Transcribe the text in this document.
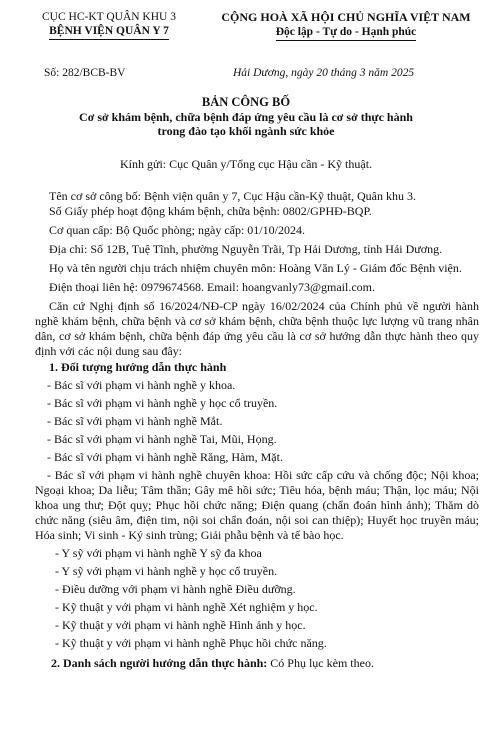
CỤC HC-KT QUÂN KHU 3
BỆNH VIỆN QUÂN Y 7
CỘNG HOÀ XÃ HỘI CHỦ NGHĨA VIỆT NAM
Độc lập - Tự do - Hạnh phúc
Số: 282/BCB-BV	Hải Dương, ngày 20 tháng 3 năm 2025
BẢN CÔNG BỐ
Cơ sở khám bệnh, chữa bệnh đáp ứng yêu cầu là cơ sở thực hành
trong đào tạo khối ngành sức khỏe
Kính gửi: Cục Quân y/Tổng cục Hậu cần - Kỹ thuật.

Tên cơ sở công bố: Bệnh viện quân y 7, Cục Hậu cần-Kỹ thuật, Quân khu 3.

Số Giấy phép hoạt động khám bệnh, chữa bệnh: 0802/GPHĐ-BQP.

Cơ quan cấp: Bộ Quốc phòng; ngày cấp: 01/10/2024.

Địa chỉ: Số 12B, Tuệ Tĩnh, phường Nguyễn Trãi, Tp Hải Dương, tỉnh Hải Dương.

Họ và tên người chịu trách nhiệm chuyên môn: Hoàng Văn Lý - Giám đốc Bệnh viện.

Điện thoại liên hệ: 0979674568. Email: hoangvanly73@gmail.com.

Căn cứ Nghị định số 16/2024/NĐ-CP ngày 16/02/2024 của Chính phủ về người hành nghề khám bệnh, chữa bệnh và cơ sở khám bệnh, chữa bệnh thuộc lực lượng vũ trang nhân dân, cơ sở khám bệnh, chữa bệnh đáp ứng yêu cầu là cơ sở hướng dẫn thực hành theo quy định với các nội dung sau đây:

1. Đối tượng hướng dẫn thực hành

- Bác sĩ với phạm vi hành nghề y khoa.

- Bác sĩ với phạm vi hành nghề y học cổ truyền.

- Bác sĩ với phạm vi hành nghề Mắt.

- Bác sĩ với phạm vi hành nghề Tai, Mũi, Họng.

- Bác sĩ với phạm vi hành nghề Răng, Hàm, Mặt.

- Bác sĩ với phạm vi hành nghề chuyên khoa: Hồi sức cấp cứu và chống độc; Nội khoa; Ngoại khoa; Da liễu; Tâm thần; Gây mê hồi sức; Tiêu hóa, bệnh máu; Thận, lọc máu; Nội khoa ung thư; Đột quỵ; Phục hồi chức năng; Điện quang (chẩn đoán hình ảnh); Thăm dò chức năng (siêu âm, điện tim, nội soi chẩn đoán, nội soi can thiệp); Huyết học truyền máu; Hóa sinh; Vi sinh - Ký sinh trùng; Giải phẫu bệnh và tế bào học.

- Y sỹ với phạm vi hành nghề Y sỹ đa khoa

- Y sỹ với phạm vi hành nghề y học cổ truyền.

- Điều dưỡng với phạm vi hành nghề Điều dưỡng.

- Kỹ thuật y với phạm vi hành nghề Xét nghiệm y học.

- Kỹ thuật y với phạm vi hành nghề Hình ảnh y học.

- Kỹ thuật y với phạm vi hành nghề Phục hồi chức năng.

2. Danh sách người hướng dẫn thực hành: Có Phụ lục kèm theo.
